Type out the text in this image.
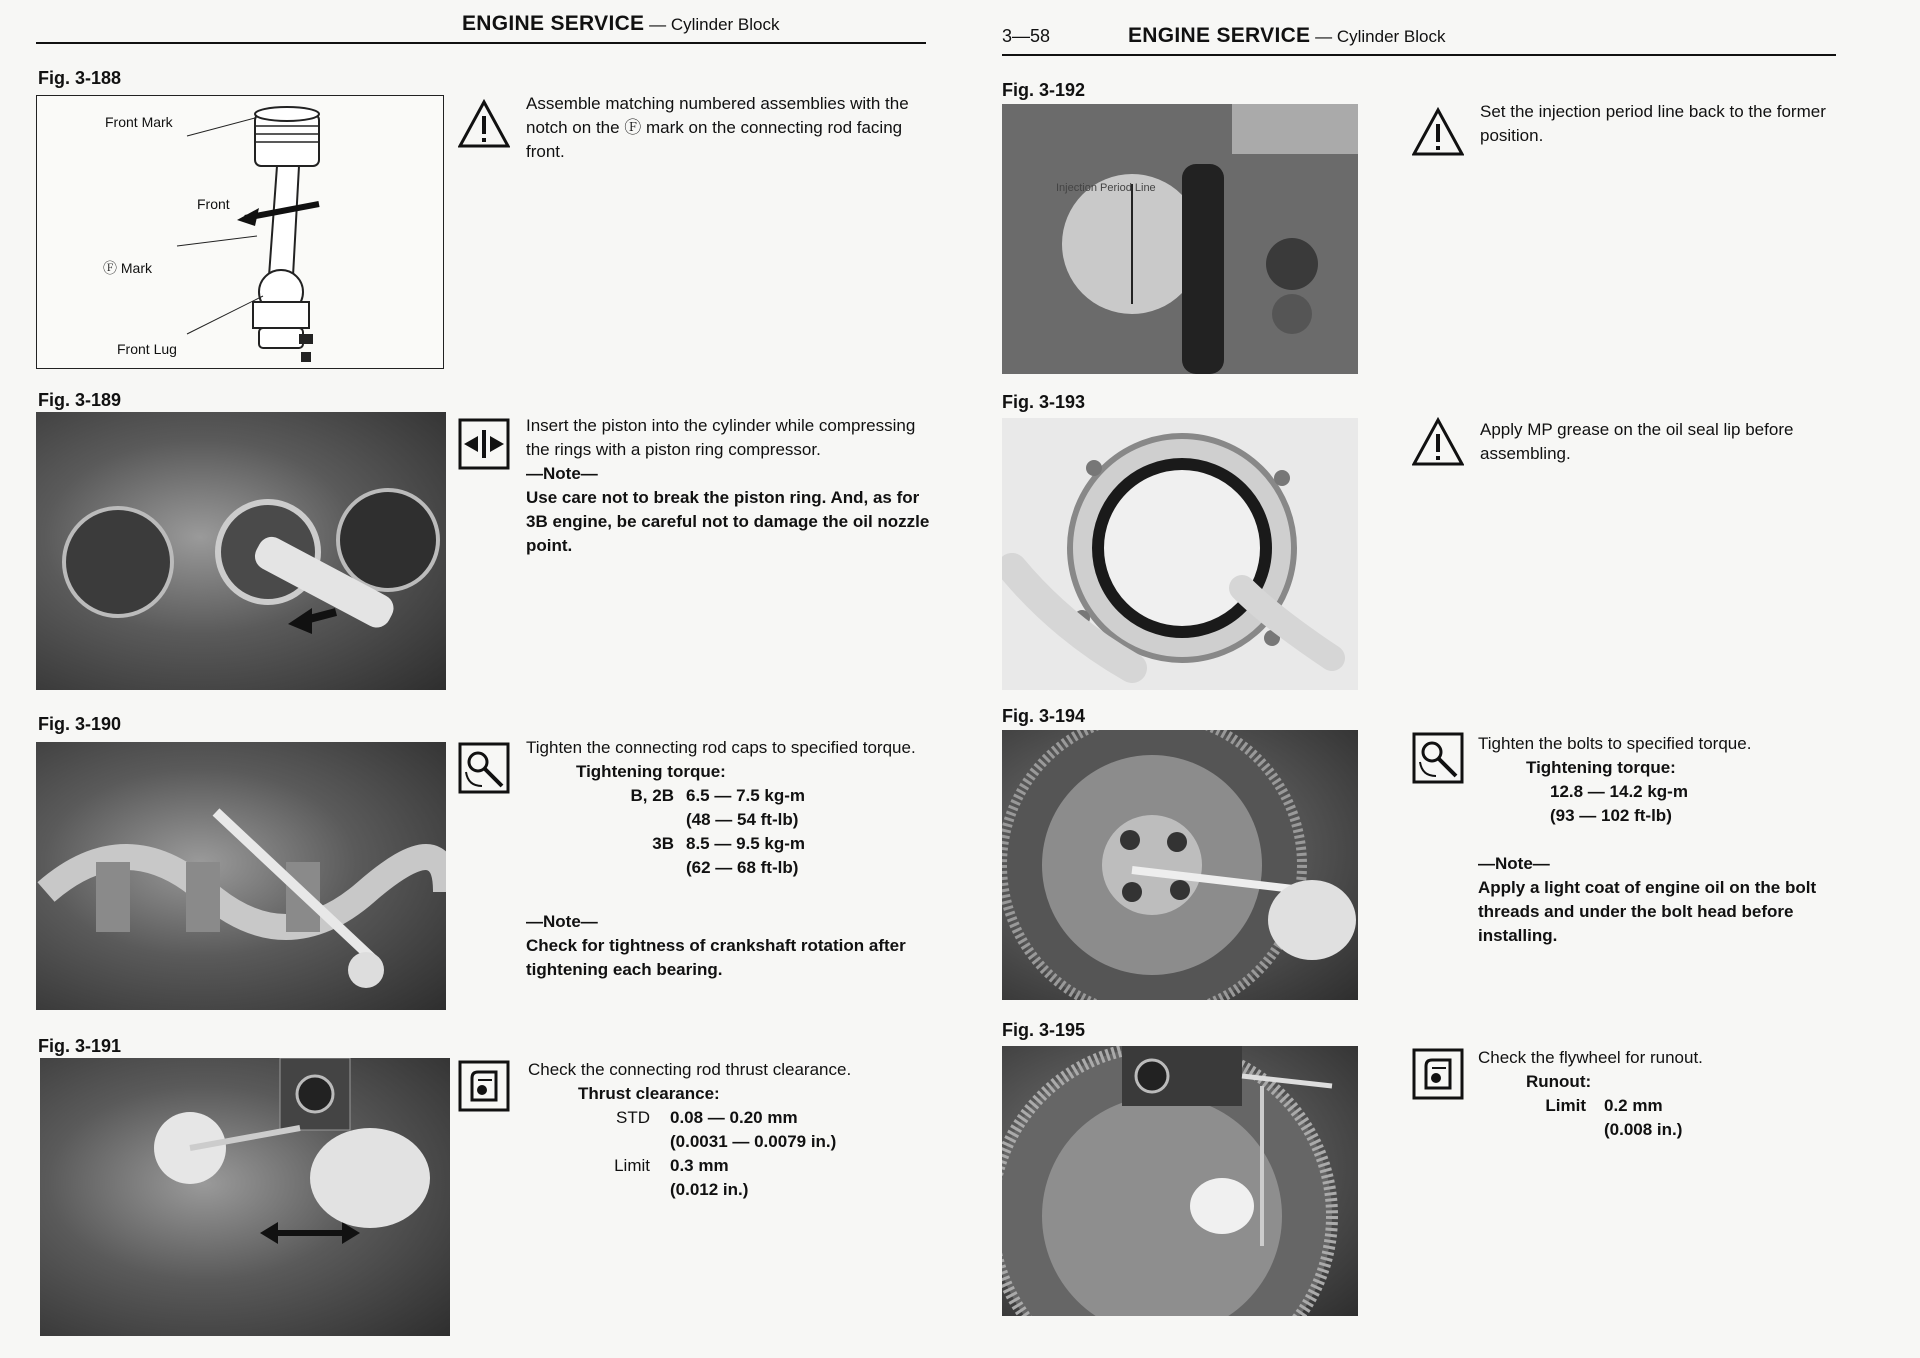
ENGINE SERVICE — Cylinder Block
Fig. 3-188
Front Mark
Front
Ⓕ Mark
Front Lug
Assemble matching numbered assemblies with the notch on the Ⓕ mark on the connecting rod facing front.
Fig. 3-189

Insert the piston into the cylinder while compressing the rings with a piston ring compressor.

—Note—

Use care not to break the piston ring. And, as for 3B engine, be careful not to damage the oil nozzle point.

Fig. 3-190

Tighten the connecting rod caps to specified torque.

Tightening torque:

B, 2B 6.5 — 7.5 kg-m
(48 — 54 ft-lb)
3B 8.5 — 9.5 kg-m
(62 — 68 ft-lb)

—Note—

Check for tightness of crankshaft rotation after tightening each bearing.

Fig. 3-191

Check the connecting rod thrust clearance.

Thrust clearance:

STD	0.08 — 0.20 mm
(0.0031 — 0.0079 in.)
Limit	0.3 mm
(0.012 in.)
3—58	ENGINE SERVICE — Cylinder Block
Fig. 3-192
Injection Period Line
Set the injection period line back to the former position.
Fig. 3-193
Apply MP grease on the oil seal lip before assembling.
Fig. 3-194

Tighten the bolts to specified torque.

Tightening torque:

12.8 — 14.2 kg-m

(93 — 102 ft-lb)

—Note—

Apply a light coat of engine oil on the bolt threads and under the bolt head before installing.

Fig. 3-195

Check the flywheel for runout.

Runout:

Limit	0.2 mm
(0.008 in.)
